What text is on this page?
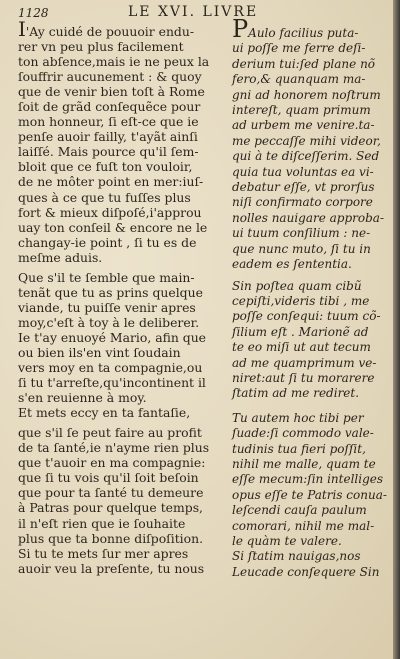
1128	LE XVI. LIVRE
I'Ay cuidé de pouuoir endu-
rer vn peu plus facilement
ton abſence,mais ie ne peux la
ſouffrir aucunement : & quoy
que de venir bien toſt à Rome
ſoit de grãd conſequẽce pour
mon honneur, ſi eſt-ce que ie
penſe auoir failly, t'ayãt ainſi
laiſſé. Mais pource qu'il ſem-
bloit que ce fuſt ton vouloir,
de ne môter point en mer:iuſ-
ques à ce que tu fuſſes plus
fort & mieux diſpoſé,i'approu
uay ton conſeil & encore ne le
changay-ie point , ſi tu es de
meſme aduis.
Que s'il te ſemble que main-
tenãt que tu as prins quelque
viande, tu puiſſe venir apres
moy,c'eſt à toy à le deliberer.
Ie t'ay enuoyé Mario, afin que
ou bien ils'en vint ſoudain
vers moy en ta compagnie,ou
ſi tu t'arreſte,qu'incontinent il
s'en reuienne à moy.
Et mets eccy en ta fantaſie,
que s'il ſe peut faire au profit
de ta ſanté,ie n'ayme rien plus
que t'auoir en ma compagnie:
que ſi tu vois qu'il ſoit beſoin
que pour ta ſanté tu demeure
à Patras pour quelque temps,
il n'eſt rien que ie ſouhaite
plus que ta bonne diſpoſition.
Si tu te mets ſur mer apres
auoir veu la preſente, tu nous
PAulo facilius puta-
ui poſſe me ferre deſi-
derium tui:ſed plane nõ
fero,& quanquam ma-
gni ad honorem noſtrum
intereſt, quam primum
ad urbem me venire.ta-
me peccaſſe mihi videor,
qui à te diſceſſerim. Sed
quia tua voluntas ea vi-
debatur eſſe, vt prorſus
niſi confirmato corpore
nolles nauigare approba-
ui tuum conſilium : ne-
que nunc muto, ſi tu in
eadem es ſententia.
Sin poſtea quam cibũ
cepiſti,videris tibi , me
poſſe conſequi: tuum cõ-
ſilium eſt . Marionẽ ad
te eo miſi ut aut tecum
ad me quamprimum ve-
niret:aut ſi tu morarere
ſtatim ad me rediret.
Tu autem hoc tibi per
ſuade:ſi commodo vale-
tudinis tua fieri poſſit,
nihil me malle, quam te
eſſe mecum:ſin intelliges
opus eſſe te Patris conua-
leſcendi cauſa paulum
comorari, nihil me mal-
le quàm te valere.
Si ſtatim nauigas,nos
Leucade conſequere Sin
